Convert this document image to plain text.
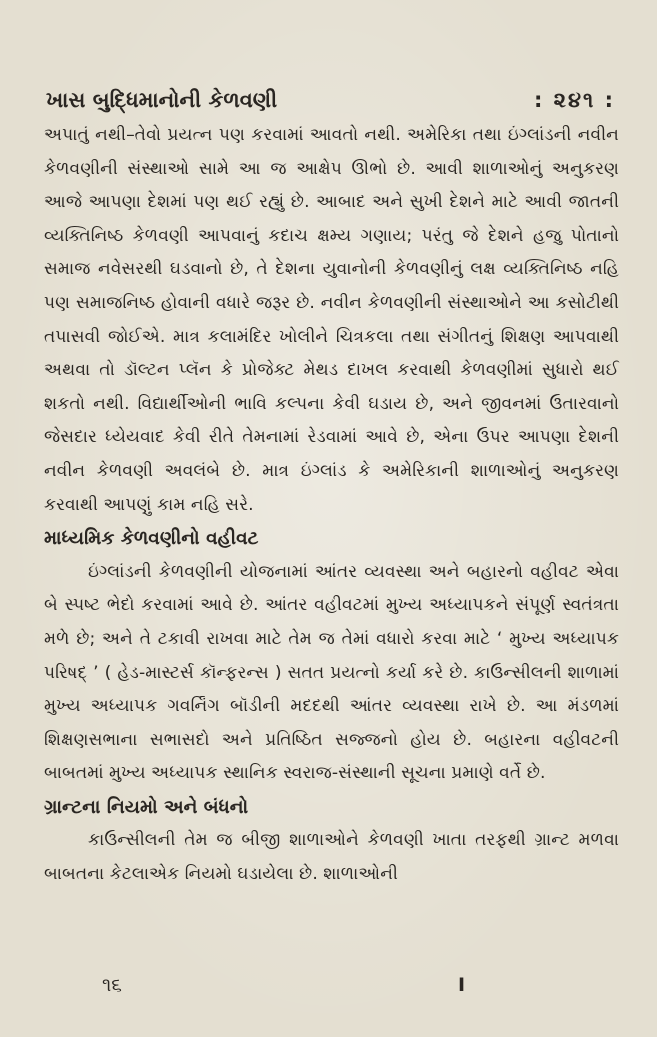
ખાસ બુદ્ધિમાનોની કેળવણી	: ૨૪૧ :

અપાતું નથી–તેવો પ્રયત્ન પણ કરવામાં આવતો નથી. અમેરિકા તથા ઇંગ્લાંડની નવીન કેળવણીની સંસ્થાઓ સામે આ જ આક્ષેપ ઊભો છે. આવી શાળાઓનું અનુકરણ આજે આપણા દેશમાં પણ થઈ રહ્યું છે. આબાદ અને સુખી દેશને માટે આવી જાતની વ્યક્તિનિષ્ઠ કેળવણી આપવાનું કદાચ ક્ષમ્ય ગણાય; પરંતુ જે દેશને હજુ પોતાનો સમાજ નવેસરથી ઘડવાનો છે, તે દેશના યુવાનોની કેળવણીનું લક્ષ વ્યક્તિનિષ્ઠ નહિ પણ સમાજનિષ્ઠ હોવાની વધારે જરૂર છે. નવીન કેળવણીની સંસ્થાઓને આ કસોટીથી તપાસવી જોઈએ. માત્ર કલામંદિર ખોલીને ચિત્રકલા તથા સંગીતનું શિક્ષણ આપવાથી અથવા તો ડૉલ્ટન પ્લૅન કે પ્રોજેક્ટ મેથડ દાખલ કરવાથી કેળવણીમાં સુધારો થઈ શકતો નથી. વિદ્યાર્થીઓની ભાવિ કલ્પના કેવી ઘડાય છે, અને જીવનમાં ઉતારવાનો જેસદાર ધ્યેયવાદ કેવી રીતે તેમનામાં રેડવામાં આવે છે, એના ઉપર આપણા દેશની નવીન કેળવણી અવલંબે છે. માત્ર ઇંગ્લાંડ કે અમેરિકાની શાળાઓનું અનુકરણ કરવાથી આપણું કામ નહિ સરે.

માધ્યમિક કેળવણીનો વહીવટ

ઇંગ્લાંડની કેળવણીની યોજનામાં આંતર વ્યવસ્થા અને બહારનો વહીવટ એવા બે સ્પષ્ટ ભેદો કરવામાં આવે છે. આંતર વહીવટમાં મુખ્ય અધ્યાપકને સંપૂર્ણ સ્વતંત્રતા મળે છે; અને તે ટકાવી રાખવા માટે તેમ જ તેમાં વધારો કરવા માટે ‘ મુખ્ય અધ્યાપક પરિષદ્ ’ ( હેડ-માસ્ટર્સ કૉન્ફરન્સ ) સતત પ્રયત્નો કર્યા કરે છે. કાઉન્સીલની શાળામાં મુખ્ય અધ્યાપક ગવર્નિંગ બૉડીની મદદથી આંતર વ્યવસ્થા રાખે છે. આ મંડળમાં શિક્ષણસભાના સભાસદો અને પ્રતિષ્ઠિત સજ્જનો હોય છે. બહારના વહીવટની બાબતમાં મુખ્ય અધ્યાપક સ્થાનિક સ્વરાજ-સંસ્થાની સૂચના પ્રમાણે વર્તે છે.

ગ્રાન્ટના નિયમો અને બંધનો

કાઉન્સીલની તેમ જ બીજી શાળાઓને કેળવણી ખાતા તરફથી ગ્રાન્ટ મળવા બાબતના કેટલાએક નિયમો ઘડાયેલા છે. શાળાઓની

૧૬	I
